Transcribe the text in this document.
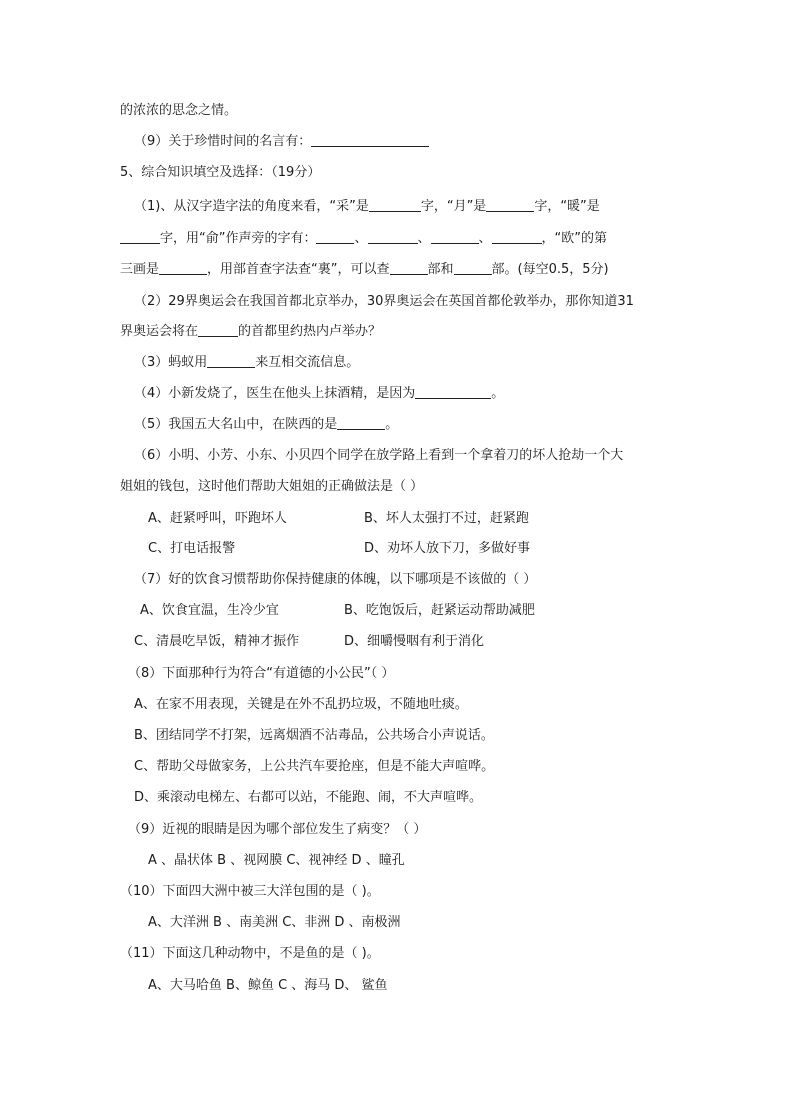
的浓浓的思念之情。
（9）关于珍惜时间的名言有：
5、综合知识填空及选择：（19分）
（1)、从汉字造字法的角度来看，“采”是	字，“月”是	字，“暖”是
字，用“俞”作声旁的字有：	、	、	、	，“欧”的第
三画是	，用部首查字法查“裏”，可以查	部和	部。(每空0.5，5分)
（2）29界奥运会在我国首都北京举办，30界奥运会在英国首都伦敦举办，那你知道31
界奥运会将在	的首都里约热内卢举办？
（3）蚂蚁用	来互相交流信息。
（4）小新发烧了，医生在他头上抹酒精，是因为	。
（5）我国五大名山中，在陕西的是	。
（6）小明、小芳、小东、小贝四个同学在放学路上看到一个拿着刀的坏人抢劫一个大
姐姐的钱包，这时他们帮助大姐姐的正确做法是（ ）
A、赶紧呼叫，吓跑坏人	B、坏人太强打不过，赶紧跑
C、打电话报警	D、劝坏人放下刀，多做好事
（7）好的饮食习惯帮助你保持健康的体魄，以下哪项是不该做的（ ）
A、饮食宜温，生冷少宜	B、吃饱饭后，赶紧运动帮助减肥
C、清晨吃早饭，精神才振作	D、细嚼慢咽有利于消化
（8）下面那种行为符合“有道德的小公民”（ ）
A、在家不用表现，关键是在外不乱扔垃圾，不随地吐痰。
B、团结同学不打架，远离烟酒不沾毒品，公共场合小声说话。
C、帮助父母做家务，上公共汽车要抢座，但是不能大声喧哗。
D、乘滚动电梯左、右都可以站，不能跑、闹，不大声喧哗。
（9）近视的眼睛是因为哪个部位发生了病变？（ ）
A 、晶状体 B 、视网膜 C、视神经 D 、瞳孔
（10）下面四大洲中被三大洋包围的是（ )。
A、大洋洲 B 、南美洲 C、非洲 D 、南极洲
（11）下面这几种动物中，不是鱼的是（ )。
A、大马哈鱼 B、鲸鱼 C 、海马 D、 鲨鱼
